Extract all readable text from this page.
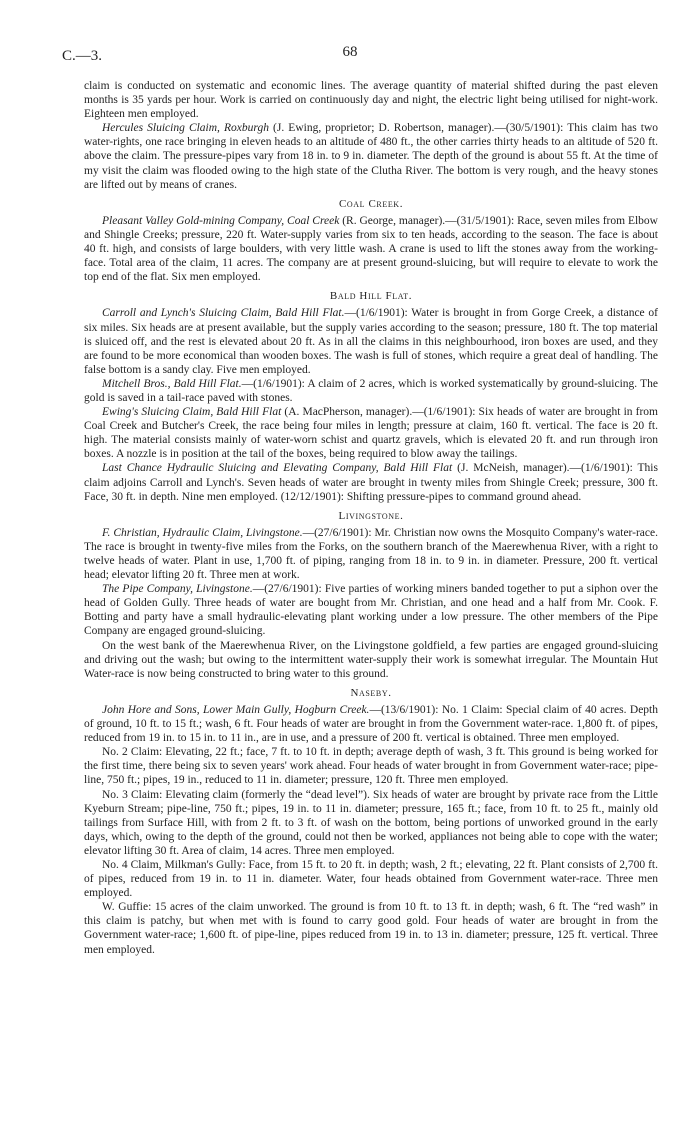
C.—3.	68

claim is conducted on systematic and economic lines. The average quantity of material shifted during the past eleven months is 35 yards per hour. Work is carried on continuously day and night, the electric light being utilised for night-work. Eighteen men employed.

Hercules Sluicing Claim, Roxburgh (J. Ewing, proprietor; D. Robertson, manager).—(30/5/1901): This claim has two water-rights, one race bringing in eleven heads to an altitude of 480 ft., the other carries thirty heads to an altitude of 520 ft. above the claim. The pressure-pipes vary from 18 in. to 9 in. diameter. The depth of the ground is about 55 ft. At the time of my visit the claim was flooded owing to the high state of the Clutha River. The bottom is very rough, and the heavy stones are lifted out by means of cranes.

Coal Creek.

Pleasant Valley Gold-mining Company, Coal Creek (R. George, manager).—(31/5/1901): Race, seven miles from Elbow and Shingle Creeks; pressure, 220 ft. Water-supply varies from six to ten heads, according to the season. The face is about 40 ft. high, and consists of large boulders, with very little wash. A crane is used to lift the stones away from the working-face. Total area of the claim, 11 acres. The company are at present ground-sluicing, but will require to elevate to work the top end of the flat. Six men employed.

Bald Hill Flat.

Carroll and Lynch's Sluicing Claim, Bald Hill Flat.—(1/6/1901): Water is brought in from Gorge Creek, a distance of six miles. Six heads are at present available, but the supply varies according to the season; pressure, 180 ft. The top material is sluiced off, and the rest is elevated about 20 ft. As in all the claims in this neighbourhood, iron boxes are used, and they are found to be more economical than wooden boxes. The wash is full of stones, which require a great deal of handling. The false bottom is a sandy clay. Five men employed.

Mitchell Bros., Bald Hill Flat.—(1/6/1901): A claim of 2 acres, which is worked systematically by ground-sluicing. The gold is saved in a tail-race paved with stones.

Ewing's Sluicing Claim, Bald Hill Flat (A. MacPherson, manager).—(1/6/1901): Six heads of water are brought in from Coal Creek and Butcher's Creek, the race being four miles in length; pressure at claim, 160 ft. vertical. The face is 20 ft. high. The material consists mainly of water-worn schist and quartz gravels, which is elevated 20 ft. and run through iron boxes. A nozzle is in position at the tail of the boxes, being required to blow away the tailings.

Last Chance Hydraulic Sluicing and Elevating Company, Bald Hill Flat (J. McNeish, manager).—(1/6/1901): This claim adjoins Carroll and Lynch's. Seven heads of water are brought in twenty miles from Shingle Creek; pressure, 300 ft. Face, 30 ft. in depth. Nine men employed. (12/12/1901): Shifting pressure-pipes to command ground ahead.

Livingstone.

F. Christian, Hydraulic Claim, Livingstone.—(27/6/1901): Mr. Christian now owns the Mosquito Company's water-race. The race is brought in twenty-five miles from the Forks, on the southern branch of the Maerewhenua River, with a right to twelve heads of water. Plant in use, 1,700 ft. of piping, ranging from 18 in. to 9 in. in diameter. Pressure, 200 ft. vertical head; elevator lifting 20 ft. Three men at work.

The Pipe Company, Livingstone.—(27/6/1901): Five parties of working miners banded together to put a siphon over the head of Golden Gully. Three heads of water are bought from Mr. Christian, and one head and a half from Mr. Cook. F. Botting and party have a small hydraulic-elevating plant working under a low pressure. The other members of the Pipe Company are engaged ground-sluicing.

On the west bank of the Maerewhenua River, on the Livingstone goldfield, a few parties are engaged ground-sluicing and driving out the wash; but owing to the intermittent water-supply their work is somewhat irregular. The Mountain Hut Water-race is now being constructed to bring water to this ground.

Naseby.

John Hore and Sons, Lower Main Gully, Hogburn Creek.—(13/6/1901): No. 1 Claim: Special claim of 40 acres. Depth of ground, 10 ft. to 15 ft.; wash, 6 ft. Four heads of water are brought in from the Government water-race. 1,800 ft. of pipes, reduced from 19 in. to 15 in. to 11 in., are in use, and a pressure of 200 ft. vertical is obtained. Three men employed.

No. 2 Claim: Elevating, 22 ft.; face, 7 ft. to 10 ft. in depth; average depth of wash, 3 ft. This ground is being worked for the first time, there being six to seven years' work ahead. Four heads of water brought in from Government water-race; pipe-line, 750 ft.; pipes, 19 in., reduced to 11 in. diameter; pressure, 120 ft. Three men employed.

No. 3 Claim: Elevating claim (formerly the “dead level”). Six heads of water are brought by private race from the Little Kyeburn Stream; pipe-line, 750 ft.; pipes, 19 in. to 11 in. diameter; pressure, 165 ft.; face, from 10 ft. to 25 ft., mainly old tailings from Surface Hill, with from 2 ft. to 3 ft. of wash on the bottom, being portions of unworked ground in the early days, which, owing to the depth of the ground, could not then be worked, appliances not being able to cope with the water; elevator lifting 30 ft. Area of claim, 14 acres. Three men employed.

No. 4 Claim, Milkman's Gully: Face, from 15 ft. to 20 ft. in depth; wash, 2 ft.; elevating, 22 ft. Plant consists of 2,700 ft. of pipes, reduced from 19 in. to 11 in. diameter. Water, four heads obtained from Government water-race. Three men employed.

W. Guffie: 15 acres of the claim unworked. The ground is from 10 ft. to 13 ft. in depth; wash, 6 ft. The “red wash” in this claim is patchy, but when met with is found to carry good gold. Four heads of water are brought in from the Government water-race; 1,600 ft. of pipe-line, pipes reduced from 19 in. to 13 in. diameter; pressure, 125 ft. vertical. Three men employed.
